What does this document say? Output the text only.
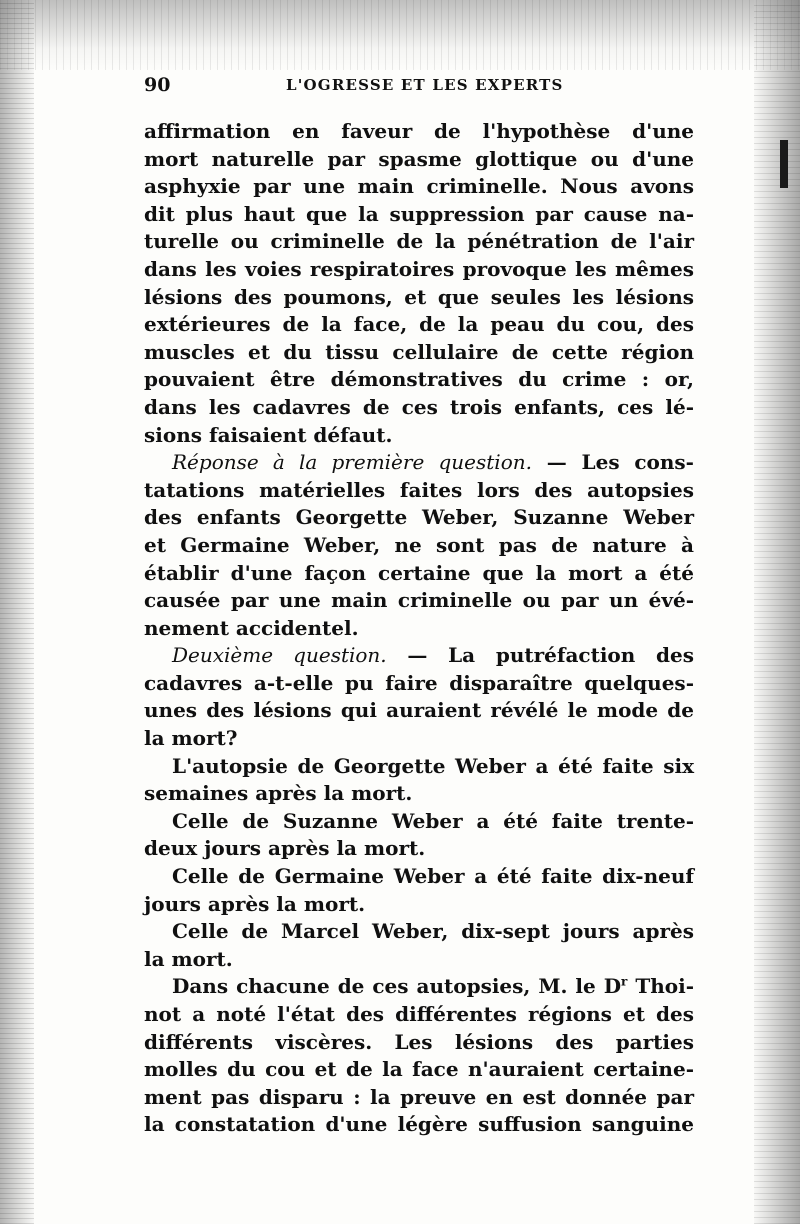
90	L'OGRESSE ET LES EXPERTS
affirmation en faveur de l'hypothèse d'une
mort naturelle par spasme glottique ou d'une
asphyxie par une main criminelle. Nous avons
dit plus haut que la suppression par cause na-
turelle ou criminelle de la pénétration de l'air
dans les voies respiratoires provoque les mêmes
lésions des poumons, et que seules les lésions
extérieures de la face, de la peau du cou, des
muscles et du tissu cellulaire de cette région
pouvaient être démonstratives du crime : or,
dans les cadavres de ces trois enfants, ces lé-
sions faisaient défaut.
Réponse à la première question. — Les cons-
tatations matérielles faites lors des autopsies
des enfants Georgette Weber, Suzanne Weber
et Germaine Weber, ne sont pas de nature à
établir d'une façon certaine que la mort a été
causée par une main criminelle ou par un évé-
nement accidentel.
Deuxième question. — La putréfaction des
cadavres a-t-elle pu faire disparaître quelques-
unes des lésions qui auraient révélé le mode de
la mort?
L'autopsie de Georgette Weber a été faite six
semaines après la mort.
Celle de Suzanne Weber a été faite trente-
deux jours après la mort.
Celle de Germaine Weber a été faite dix-neuf
jours après la mort.
Celle de Marcel Weber, dix-sept jours après
la mort.
Dans chacune de ces autopsies, M. le $D^r$ Thoi-
not a noté l'état des différentes régions et des
différents viscères. Les lésions des parties
molles du cou et de la face n'auraient certaine-
ment pas disparu : la preuve en est donnée par
la constatation d'une légère suffusion sanguine
